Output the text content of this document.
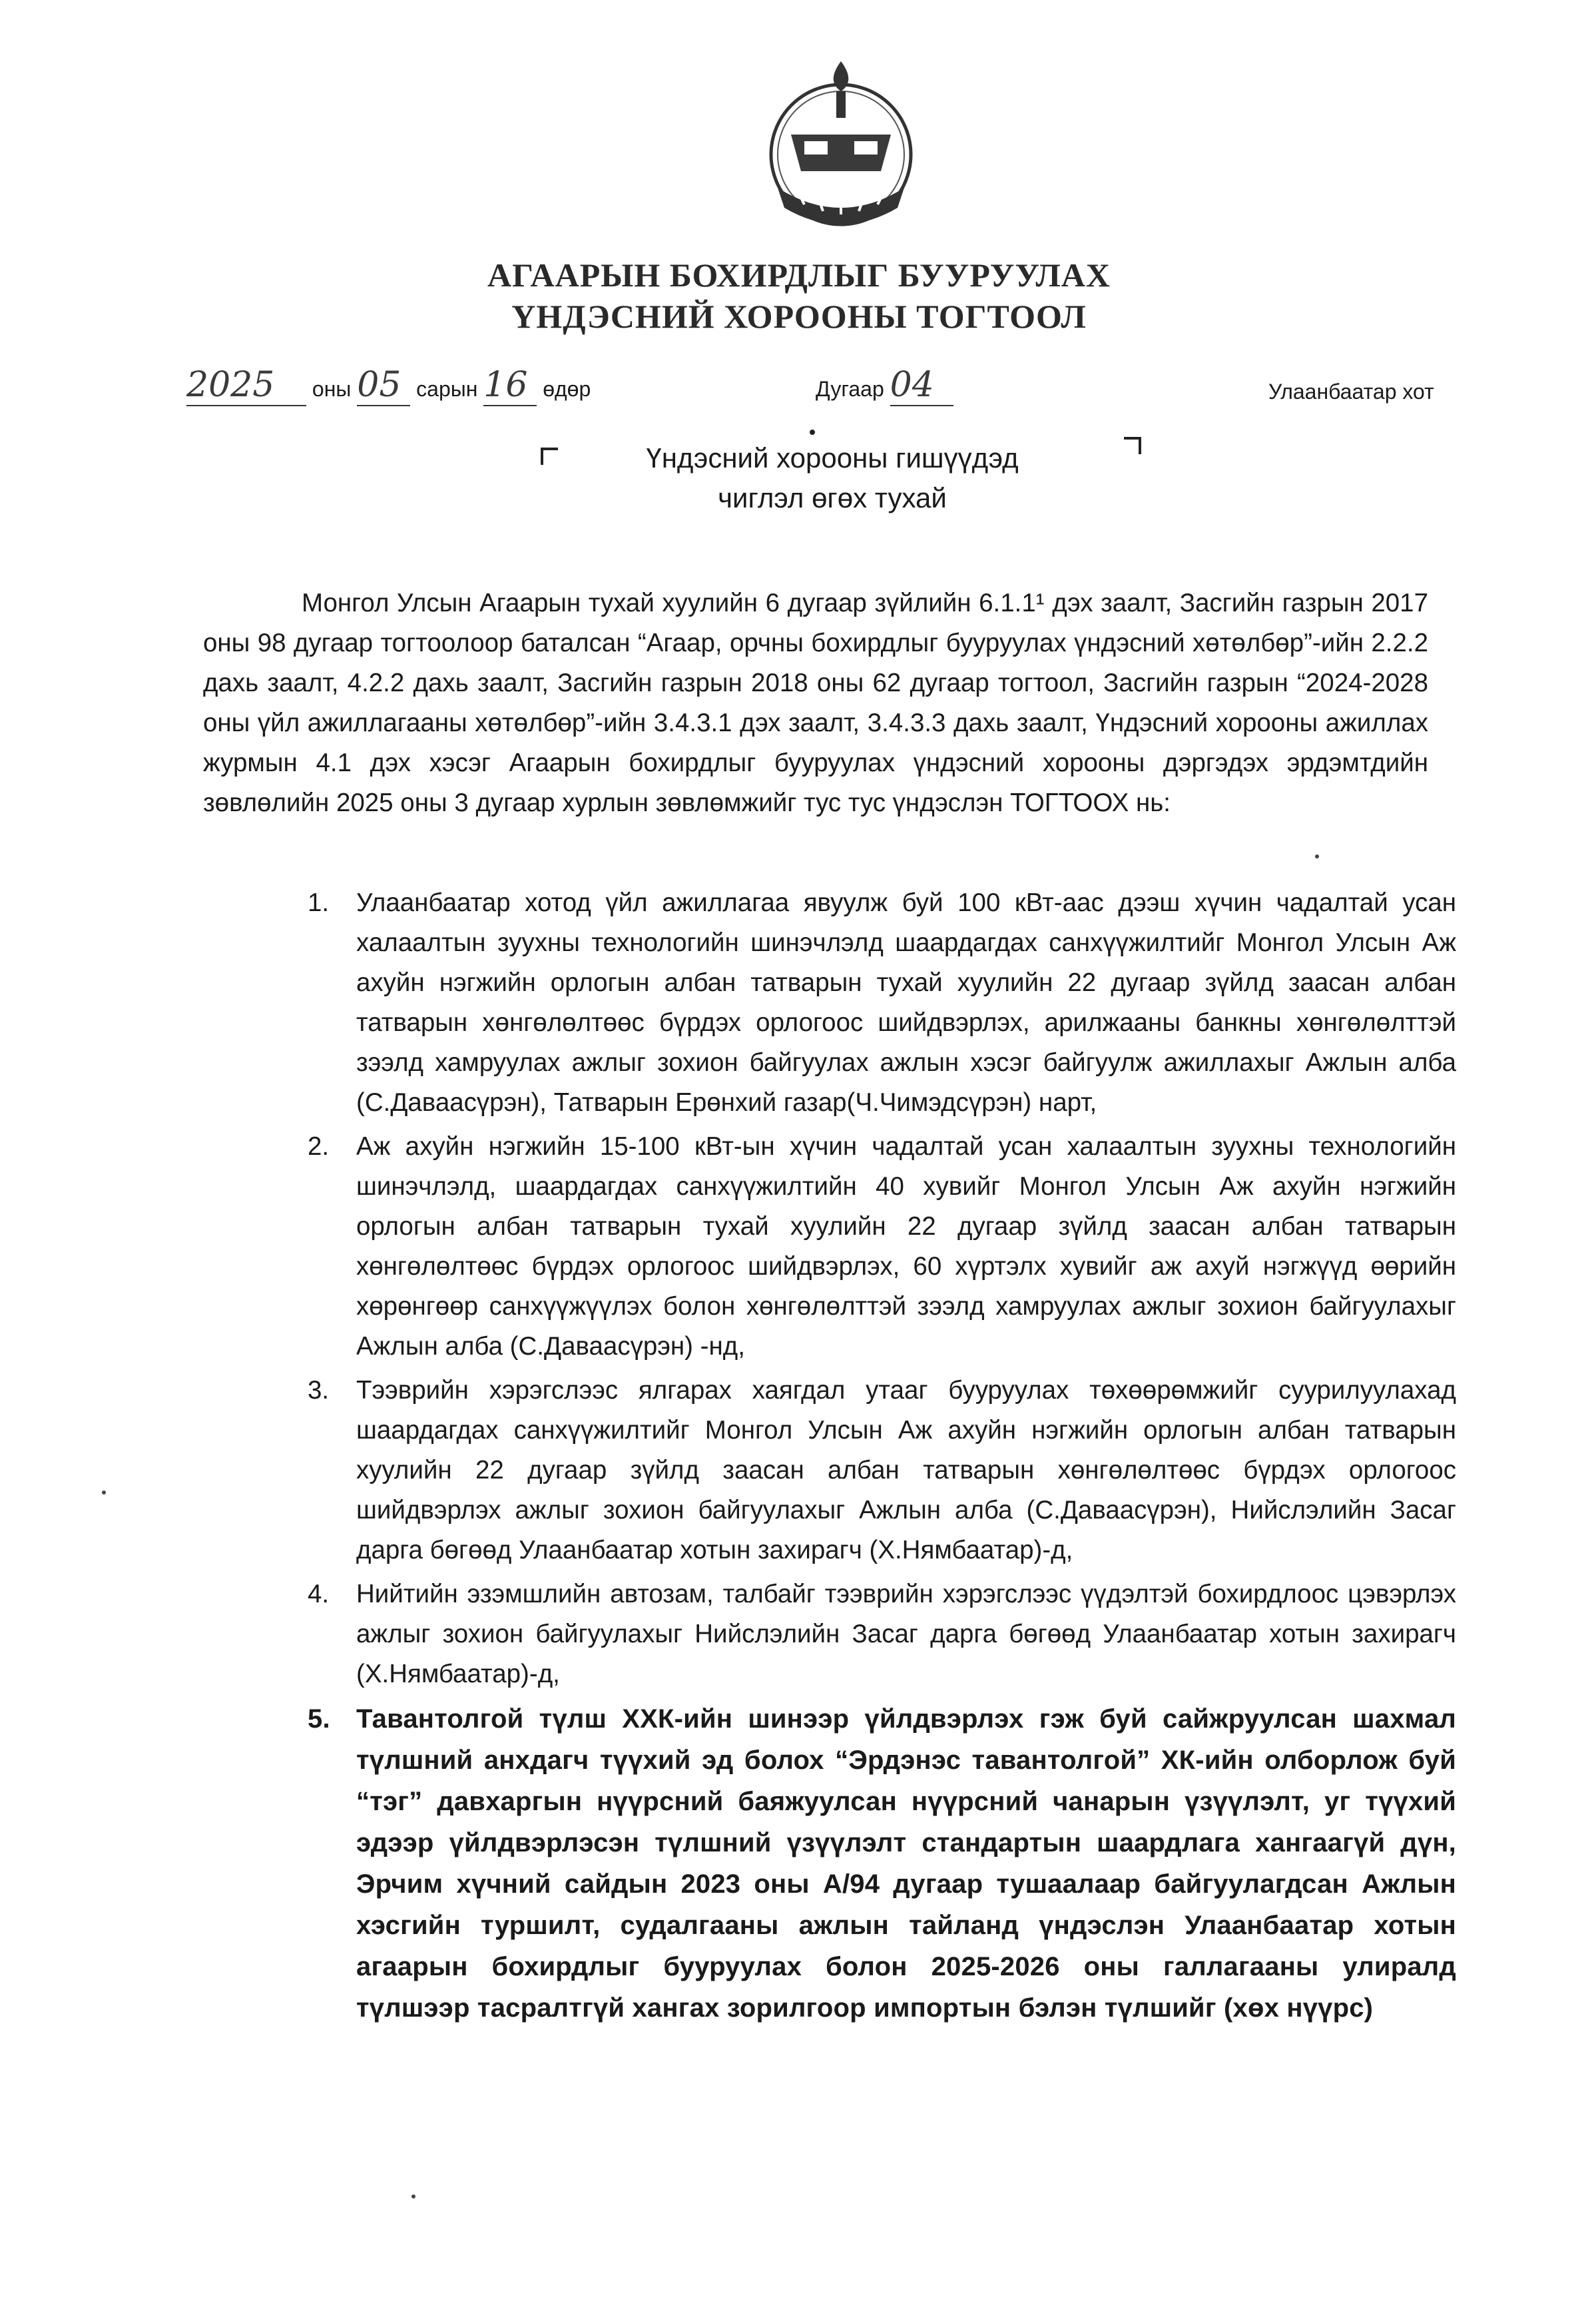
АГААРЫН БОХИРДЛЫГ БУУРУУЛАХ
ҮНДЭСНИЙ ХОРООНЫ ТОГТООЛ
2025 оны 05 сарын 16 өдөр	Дугаар 04	Улаанбаатар хот
Үндэсний хорооны гишүүдэд
чиглэл өгөх тухай
Монгол Улсын Агаарын тухай хуулийн 6 дугаар зүйлийн 6.1.1¹ дэх заалт, Засгийн газрын 2017 оны 98 дугаар тогтоолоор баталсан “Агаар, орчны бохирдлыг бууруулах үндэсний хөтөлбөр”-ийн 2.2.2 дахь заалт, 4.2.2 дахь заалт, Засгийн газрын 2018 оны 62 дугаар тогтоол, Засгийн газрын “2024-2028 оны үйл ажиллагааны хөтөлбөр”-ийн 3.4.3.1 дэх заалт, 3.4.3.3 дахь заалт, Үндэсний хорооны ажиллах журмын 4.1 дэх хэсэг Агаарын бохирдлыг бууруулах үндэсний хорооны дэргэдэх эрдэмтдийн зөвлөлийн 2025 оны 3 дугаар хурлын зөвлөмжийг тус тус үндэслэн ТОГТООХ нь:
1. Улаанбаатар хотод үйл ажиллагаа явуулж буй 100 кВт-аас дээш хүчин чадалтай усан халаалтын зуухны технологийн шинэчлэлд шаардагдах санхүүжилтийг Монгол Улсын Аж ахуйн нэгжийн орлогын албан татварын тухай хуулийн 22 дугаар зүйлд заасан албан татварын хөнгөлөлтөөс бүрдэх орлогоос шийдвэрлэх, арилжааны банкны хөнгөлөлттэй зээлд хамруулах ажлыг зохион байгуулах ажлын хэсэг байгуулж ажиллахыг Ажлын алба (С.Даваасүрэн), Татварын Ерөнхий газар(Ч.Чимэдсүрэн) нарт,
2. Аж ахуйн нэгжийн 15-100 кВт-ын хүчин чадалтай усан халаалтын зуухны технологийн шинэчлэлд, шаардагдах санхүүжилтийн 40 хувийг Монгол Улсын Аж ахуйн нэгжийн орлогын албан татварын тухай хуулийн 22 дугаар зүйлд заасан албан татварын хөнгөлөлтөөс бүрдэх орлогоос шийдвэрлэх, 60 хүртэлх хувийг аж ахуй нэгжүүд өөрийн хөрөнгөөр санхүүжүүлэх болон хөнгөлөлттэй зээлд хамруулах ажлыг зохион байгуулахыг Ажлын алба (С.Даваасүрэн) -нд,
3. Тээврийн хэрэгслээс ялгарах хаягдал утааг бууруулах төхөөрөмжийг суурилуулахад шаардагдах санхүүжилтийг Монгол Улсын Аж ахуйн нэгжийн орлогын албан татварын хуулийн 22 дугаар зүйлд заасан албан татварын хөнгөлөлтөөс бүрдэх орлогоос шийдвэрлэх ажлыг зохион байгуулахыг Ажлын алба (С.Даваасүрэн), Нийслэлийн Засаг дарга бөгөөд Улаанбаатар хотын захирагч (Х.Нямбаатар)-д,
4. Нийтийн эзэмшлийн автозам, талбайг тээврийн хэрэгслээс үүдэлтэй бохирдлоос цэвэрлэх ажлыг зохион байгуулахыг Нийслэлийн Засаг дарга бөгөөд Улаанбаатар хотын захирагч (Х.Нямбаатар)-д,
5. Тавантолгой түлш ХХК-ийн шинээр үйлдвэрлэх гэж буй сайжруулсан шахмал түлшний анхдагч түүхий эд болох “Эрдэнэс тавантолгой” ХК-ийн олборлож буй “тэг” давхаргын нүүрсний баяжуулсан нүүрсний чанарын үзүүлэлт, уг түүхий эдээр үйлдвэрлэсэн түлшний үзүүлэлт стандартын шаардлага хангаагүй дүн, Эрчим хүчний сайдын 2023 оны А/94 дугаар тушаалаар байгуулагдсан Ажлын хэсгийн туршилт, судалгааны ажлын тайланд үндэслэн Улаанбаатар хотын агаарын бохирдлыг бууруулах болон 2025-2026 оны галлагааны улиралд түлшээр тасралтгүй хангах зорилгоор импортын бэлэн түлшийг (хөх нүүрс)
